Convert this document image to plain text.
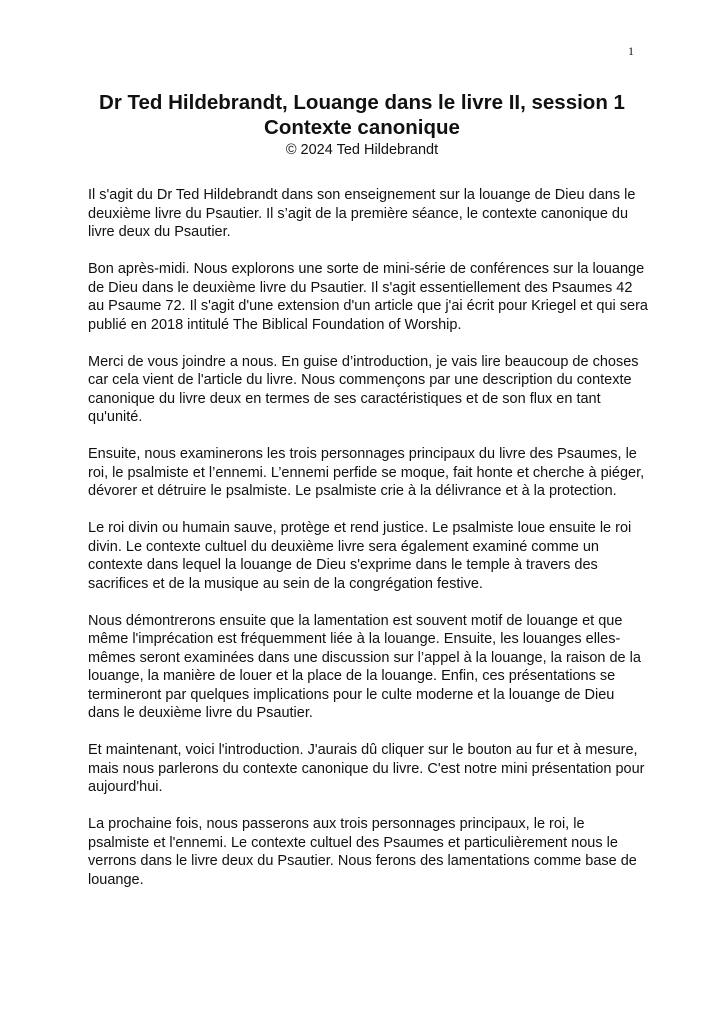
1
Dr Ted Hildebrandt, Louange dans le livre II, session 1
Contexte canonique

© 2024 Ted Hildebrandt

Il s'agit du Dr Ted Hildebrandt dans son enseignement sur la louange de Dieu dans le deuxième livre du Psautier. Il s’agit de la première séance, le contexte canonique du livre deux du Psautier.

Bon après-midi. Nous explorons une sorte de mini-série de conférences sur la louange de Dieu dans le deuxième livre du Psautier. Il s'agit essentiellement des Psaumes 42 au Psaume 72. Il s'agit d'une extension d'un article que j'ai écrit pour Kriegel et qui sera publié en 2018 intitulé The Biblical Foundation of Worship.

Merci de vous joindre a nous. En guise d’introduction, je vais lire beaucoup de choses car cela vient de l'article du livre. Nous commençons par une description du contexte canonique du livre deux en termes de ses caractéristiques et de son flux en tant qu'unité.

Ensuite, nous examinerons les trois personnages principaux du livre des Psaumes, le roi, le psalmiste et l’ennemi. L’ennemi perfide se moque, fait honte et cherche à piéger, dévorer et détruire le psalmiste. Le psalmiste crie à la délivrance et à la protection.

Le roi divin ou humain sauve, protège et rend justice. Le psalmiste loue ensuite le roi divin. Le contexte cultuel du deuxième livre sera également examiné comme un contexte dans lequel la louange de Dieu s'exprime dans le temple à travers des sacrifices et de la musique au sein de la congrégation festive.

Nous démontrerons ensuite que la lamentation est souvent motif de louange et que même l'imprécation est fréquemment liée à la louange. Ensuite, les louanges elles-mêmes seront examinées dans une discussion sur l’appel à la louange, la raison de la louange, la manière de louer et la place de la louange. Enfin, ces présentations se termineront par quelques implications pour le culte moderne et la louange de Dieu dans le deuxième livre du Psautier.

Et maintenant, voici l'introduction. J'aurais dû cliquer sur le bouton au fur et à mesure, mais nous parlerons du contexte canonique du livre. C'est notre mini présentation pour aujourd'hui.

La prochaine fois, nous passerons aux trois personnages principaux, le roi, le psalmiste et l'ennemi. Le contexte cultuel des Psaumes et particulièrement nous le verrons dans le livre deux du Psautier. Nous ferons des lamentations comme base de louange.
